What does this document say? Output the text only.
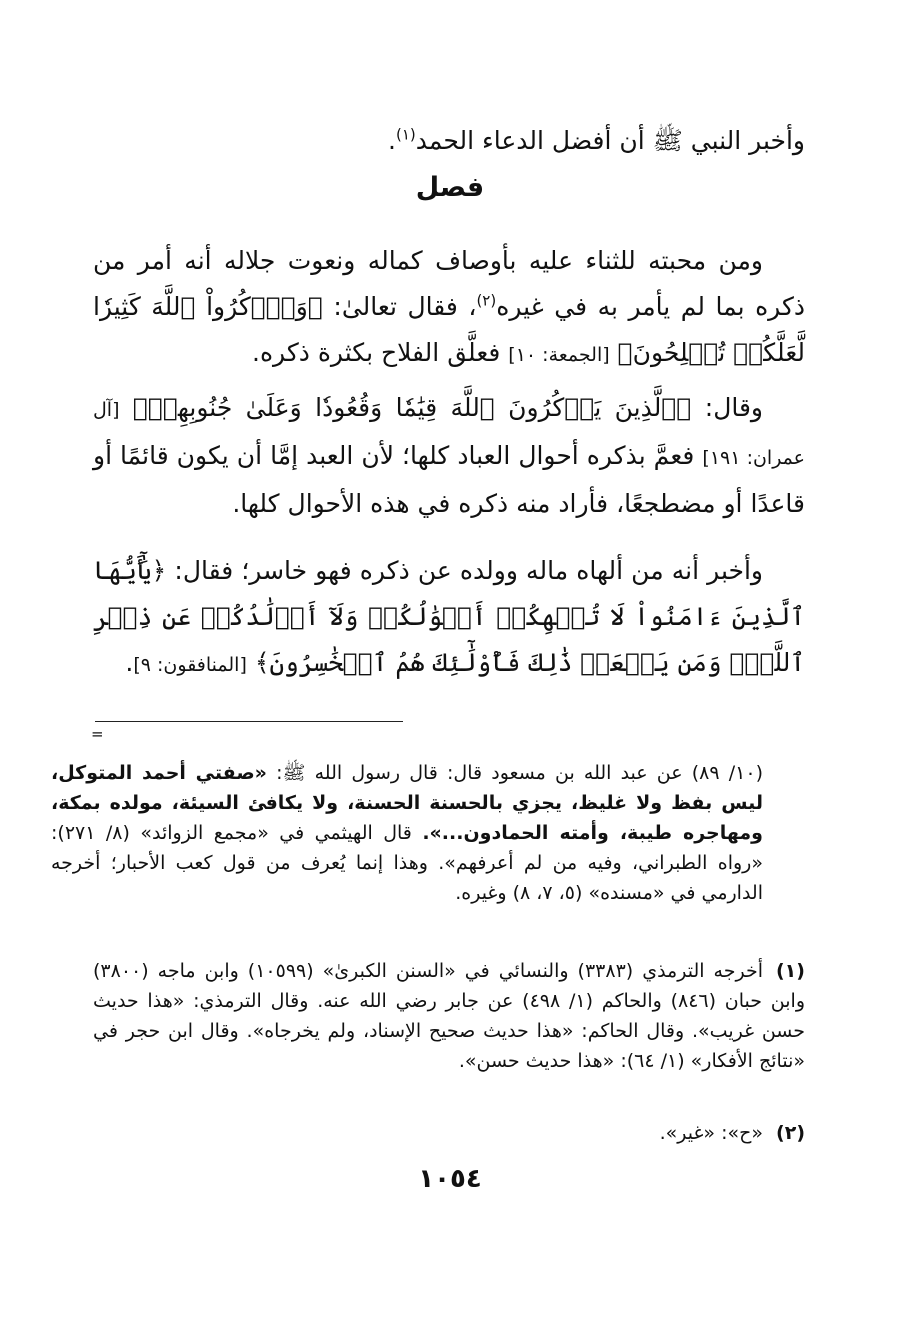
وأخبر النبي ﷺ أن أفضل الدعاء الحمد$^{(١)}$.

فصل

ومن محبته للثناء عليه بأوصاف كماله ونعوت جلاله أنه أمر من ذكره بما لم يأمر به في غيره$^{(٢)}$، فقال تعالىٰ: ﴿وَٱذۡكُرُواْ ٱللَّهَ كَثِيرٗا لَّعَلَّكُمۡ تُفۡلِحُونَ﴾ [الجمعة: ١٠] فعلَّق الفلاح بكثرة ذكره.

وقال: ﴿ٱلَّذِينَ يَذۡكُرُونَ ٱللَّهَ قِيَٰمٗا وَقُعُودٗا وَعَلَىٰ جُنُوبِهِمۡ﴾ [آل عمران: ١٩١] فعمَّ بذكره أحوال العباد كلها؛ لأن العبد إمَّا أن يكون قائمًا أو قاعدًا أو مضطجعًا، فأراد منه ذكره في هذه الأحوال كلها.

وأخبر أنه من ألهاه ماله وولده عن ذكره فهو خاسر؛ فقال: ﴿يَٰٓأَيُّهَا ٱلَّذِينَ ءَامَنُواْ لَا تُلۡهِكُمۡ أَمۡوَٰلُكُمۡ وَلَآ أَوۡلَٰدُكُمۡ عَن ذِكۡرِ ٱللَّهِۚ وَمَن يَفۡعَلۡ ذَٰلِكَ فَأُوْلَٰٓئِكَ هُمُ ٱلۡخَٰسِرُونَ﴾ [المنافقون: ٩].

=

(١٠/ ٨٩) عن عبد الله بن مسعود قال: قال رسول الله ﷺ: «صفتي أحمد المتوكل، ليس بفظ ولا غليظ، يجزي بالحسنة الحسنة، ولا يكافئ السيئة، مولده بمكة، ومهاجره طيبة، وأمته الحمادون...». قال الهيثمي في «مجمع الزوائد» (٨/ ٢٧١): «رواه الطبراني، وفيه من لم أعرفهم». وهذا إنما يُعرف من قول كعب الأحبار؛ أخرجه الدارمي في «مسنده» (٥، ٧، ٨) وغيره.

(١)أخرجه الترمذي (٣٣٨٣) والنسائي في «السنن الكبرىٰ» (١٠٥٩٩) وابن ماجه (٣٨٠٠) وابن حبان (٨٤٦) والحاكم (١/ ٤٩٨) عن جابر رضي الله عنه. وقال الترمذي: «هذا حديث حسن غريب». وقال الحاكم: «هذا حديث صحيح الإسناد، ولم يخرجاه». وقال ابن حجر في «نتائج الأفكار» (١/ ٦٤): «هذا حديث حسن».

(٢)«ح»: «غير».

١٠٥٤
